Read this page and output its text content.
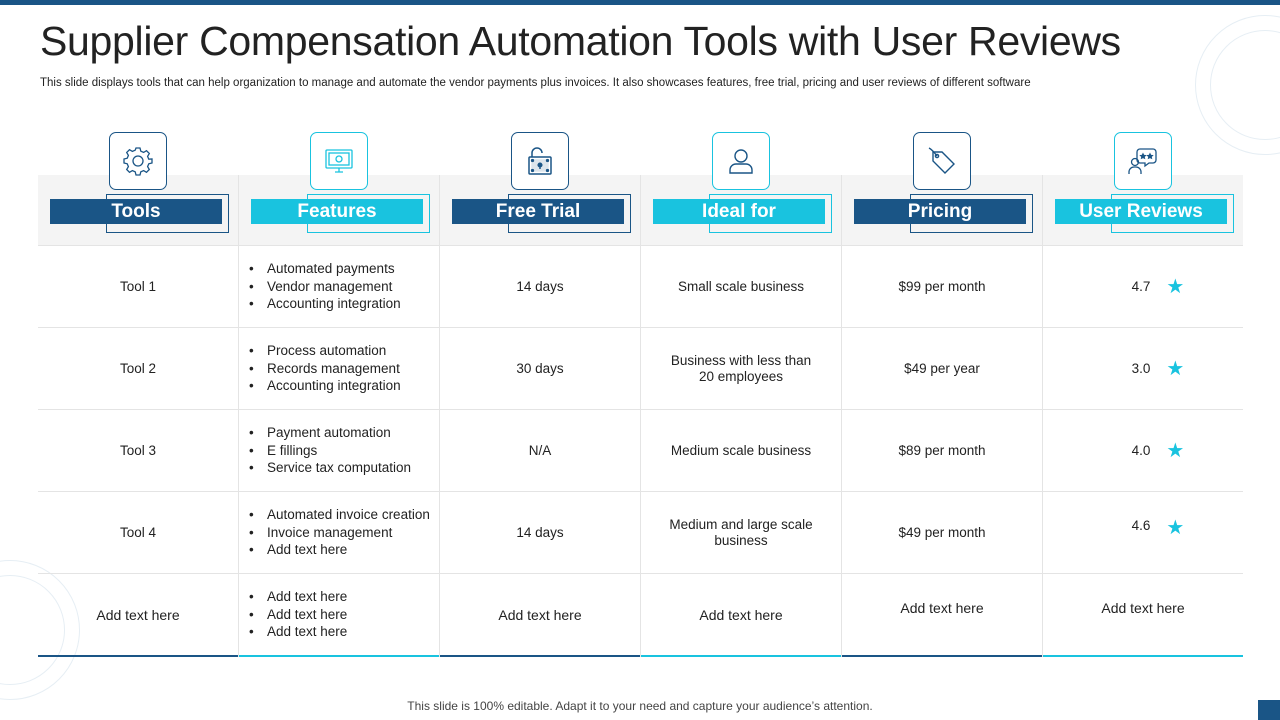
Supplier Compensation Automation Tools with User Reviews

This slide displays tools that can help organization to manage and automate the vendor payments plus invoices. It also showcases features, free trial, pricing and user reviews of different software

Tools
Tool 1
Tool 2
Tool 3
Tool 4
Add text here
Features
• Automated payments
• Vendor management
• Accounting integration
• Process automation
• Records management
• Accounting integration
• Payment automation
• E fillings
• Service tax computation
• Automated invoice creation
• Invoice management
• Add text here
• Add text here
• Add text here
• Add text here
Free Trial
14 days
30 days
N/A
14 days
Add text here
Ideal for
Small scale business
Business with less than 20 employees
Medium scale business
Medium and large scale business
Add text here
Pricing
$99 per month
$49 per year
$89 per month
$49 per month
Add text here
User Reviews
4.7 ★
3.0 ★
4.0 ★
4.6 ★
Add text here
This slide is 100% editable. Adapt it to your need and capture your audience’s attention.
